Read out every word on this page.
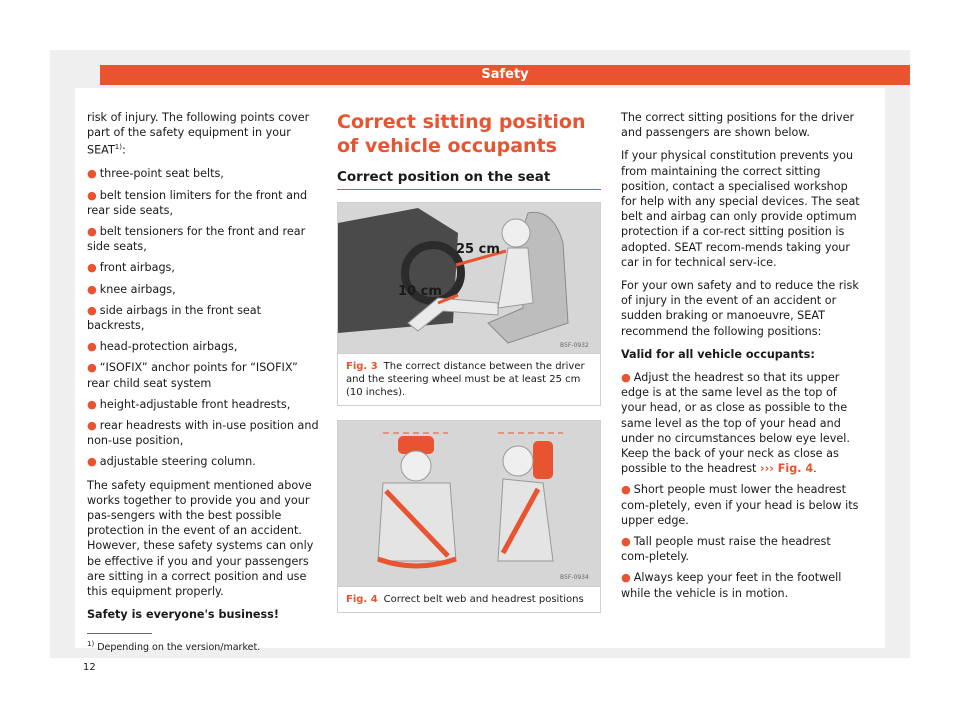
Safety

risk of injury. The following points cover part of the safety equipment in your SEAT$^{1)}$:

● three-point seat belts,
● belt tension limiters for the front and rear side seats,
● belt tensioners for the front and rear side seats,
● front airbags,
● knee airbags,
● side airbags in the front seat backrests,
● head-protection airbags,
● “ISOFIX” anchor points for “ISOFIX” rear child seat system
● height-adjustable front headrests,
● rear headrests with in-use position and non-use position,
● adjustable steering column.

The safety equipment mentioned above works together to provide you and your pas-sengers with the best possible protection in the event of an accident. However, these safety systems can only be effective if you and your passengers are sitting in a correct position and use this equipment properly.

Safety is everyone's business!

Correct sitting position of vehicle occupants
Correct position on the seat
25 cm
10 cm
B5F-0932
Fig. 3 The correct distance between the driver and the steering wheel must be at least 25 cm (10 inches).
B5F-0934
Fig. 4 Correct belt web and headrest positions

The correct sitting positions for the driver and passengers are shown below.

If your physical constitution prevents you from maintaining the correct sitting position, contact a specialised workshop for help with any special devices. The seat belt and airbag can only provide optimum protection if a cor-rect sitting position is adopted. SEAT recom-mends taking your car in for technical serv-ice.

For your own safety and to reduce the risk of injury in the event of an accident or sudden braking or manoeuvre, SEAT recommend the following positions:

Valid for all vehicle occupants:

● Adjust the headrest so that its upper edge is at the same level as the top of your head, or as close as possible to the same level as the top of your head and under no circumstances below eye level. Keep the back of your neck as close as possible to the headrest ››› Fig. 4.
● Short people must lower the headrest com-pletely, even if your head is below its upper edge.
● Tall people must raise the headrest com-pletely.
● Always keep your feet in the footwell while the vehicle is in motion.
$^{1)}$ Depending on the version/market.
12
